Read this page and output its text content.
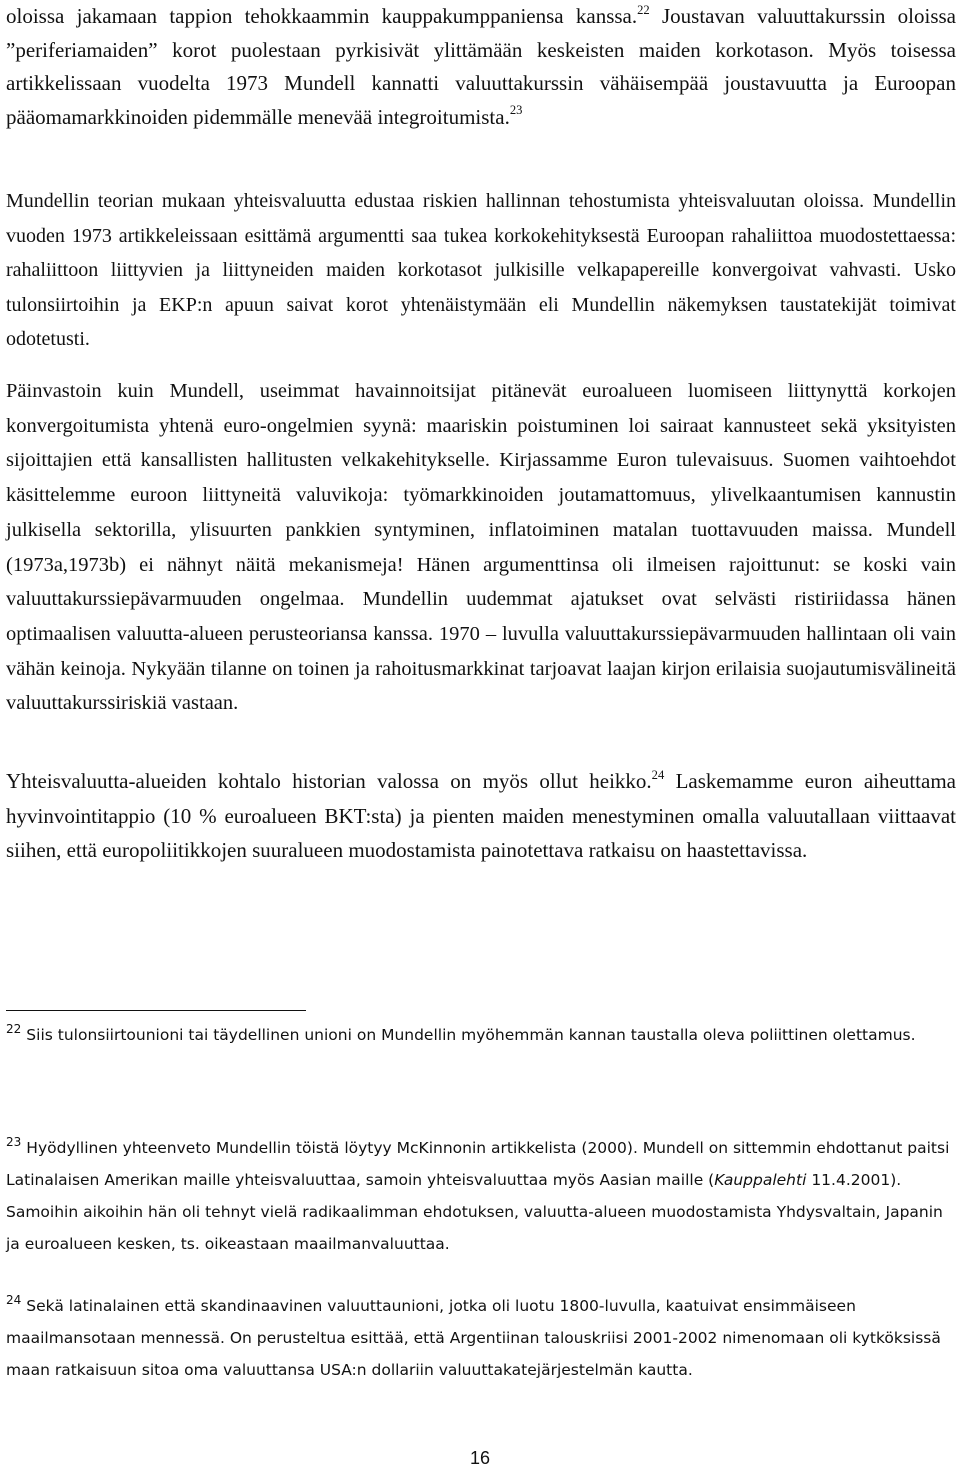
oloissa jakamaan tappion tehokkaammin kauppakumppaniensa kanssa.$^{22}$ Joustavan valuuttakurssin oloissa ”periferiamaiden” korot puolestaan pyrkisivät ylittämään keskeisten maiden korkotason. Myös toisessa artikkelissaan vuodelta 1973 Mundell kannatti valuuttakurssin vähäisempää joustavuutta ja Euroopan pääomamarkkinoiden pidemmälle menevää integroitumista.$^{23}$

Mundellin teorian mukaan yhteisvaluutta edustaa riskien hallinnan tehostumista yhteisvaluutan oloissa. Mundellin vuoden 1973 artikkeleissaan esittämä argumentti saa tukea korkokehityksestä Euroopan rahaliittoa muodostettaessa: rahaliittoon liittyvien ja liittyneiden maiden korkotasot julkisille velkapapereille konvergoivat vahvasti. Usko tulonsiirtoihin ja EKP:n apuun saivat korot yhtenäistymään eli Mundellin näkemyksen taustatekijät toimivat odotetusti.

Päinvastoin kuin Mundell, useimmat havainnoitsijat pitänevät euroalueen luomiseen liittynyttä korkojen konvergoitumista yhtenä euro-ongelmien syynä: maariskin poistuminen loi sairaat kannusteet sekä yksityisten sijoittajien että kansallisten hallitusten velkakehitykselle. Kirjassamme Euron tulevaisuus. Suomen vaihtoehdot käsittelemme euroon liittyneitä valuvikoja: työmarkkinoiden joutamattomuus, ylivelkaantumisen kannustin julkisella sektorilla, ylisuurten pankkien syntyminen, inflatoiminen matalan tuottavuuden maissa. Mundell (1973a,1973b) ei nähnyt näitä mekanismeja! Hänen argumenttinsa oli ilmeisen rajoittunut: se koski vain valuuttakurssiepävarmuuden ongelmaa. Mundellin uudemmat ajatukset ovat selvästi ristiriidassa hänen optimaalisen valuutta-alueen perusteoriansa kanssa. 1970 – luvulla valuuttakurssiepävarmuuden hallintaan oli vain vähän keinoja. Nykyään tilanne on toinen ja rahoitusmarkkinat tarjoavat laajan kirjon erilaisia suojautumisvälineitä valuuttakurssiriskiä vastaan.

Yhteisvaluutta-alueiden kohtalo historian valossa on myös ollut heikko.$^{24}$ Laskemamme euron aiheuttama hyvinvointitappio (10 % euroalueen BKT:sta) ja pienten maiden menestyminen omalla valuutallaan viittaavat siihen, että europoliitikkojen suuralueen muodostamista painotettava ratkaisu on haastettavissa.

$^{22}$ Siis tulonsiirtounioni tai täydellinen unioni on Mundellin myöhemmän kannan taustalla oleva poliittinen olettamus.

$^{23}$ Hyödyllinen yhteenveto Mundellin töistä löytyy McKinnonin artikkelista (2000). Mundell on sittemmin ehdottanut paitsi Latinalaisen Amerikan maille yhteisvaluuttaa, samoin yhteisvaluuttaa myös Aasian maille (Kauppalehti 11.4.2001). Samoihin aikoihin hän oli tehnyt vielä radikaalimman ehdotuksen, valuutta-alueen muodostamista Yhdysvaltain, Japanin ja euroalueen kesken, ts. oikeastaan maailmanvaluuttaa.

$^{24}$ Sekä latinalainen että skandinaavinen valuuttaunioni, jotka oli luotu 1800-luvulla, kaatuivat ensimmäiseen maailmansotaan mennessä. On perusteltua esittää, että Argentiinan talouskriisi 2001-2002 nimenomaan oli kytköksissä maan ratkaisuun sitoa oma valuuttansa USA:n dollariin valuuttakatejärjestelmän kautta.

16
